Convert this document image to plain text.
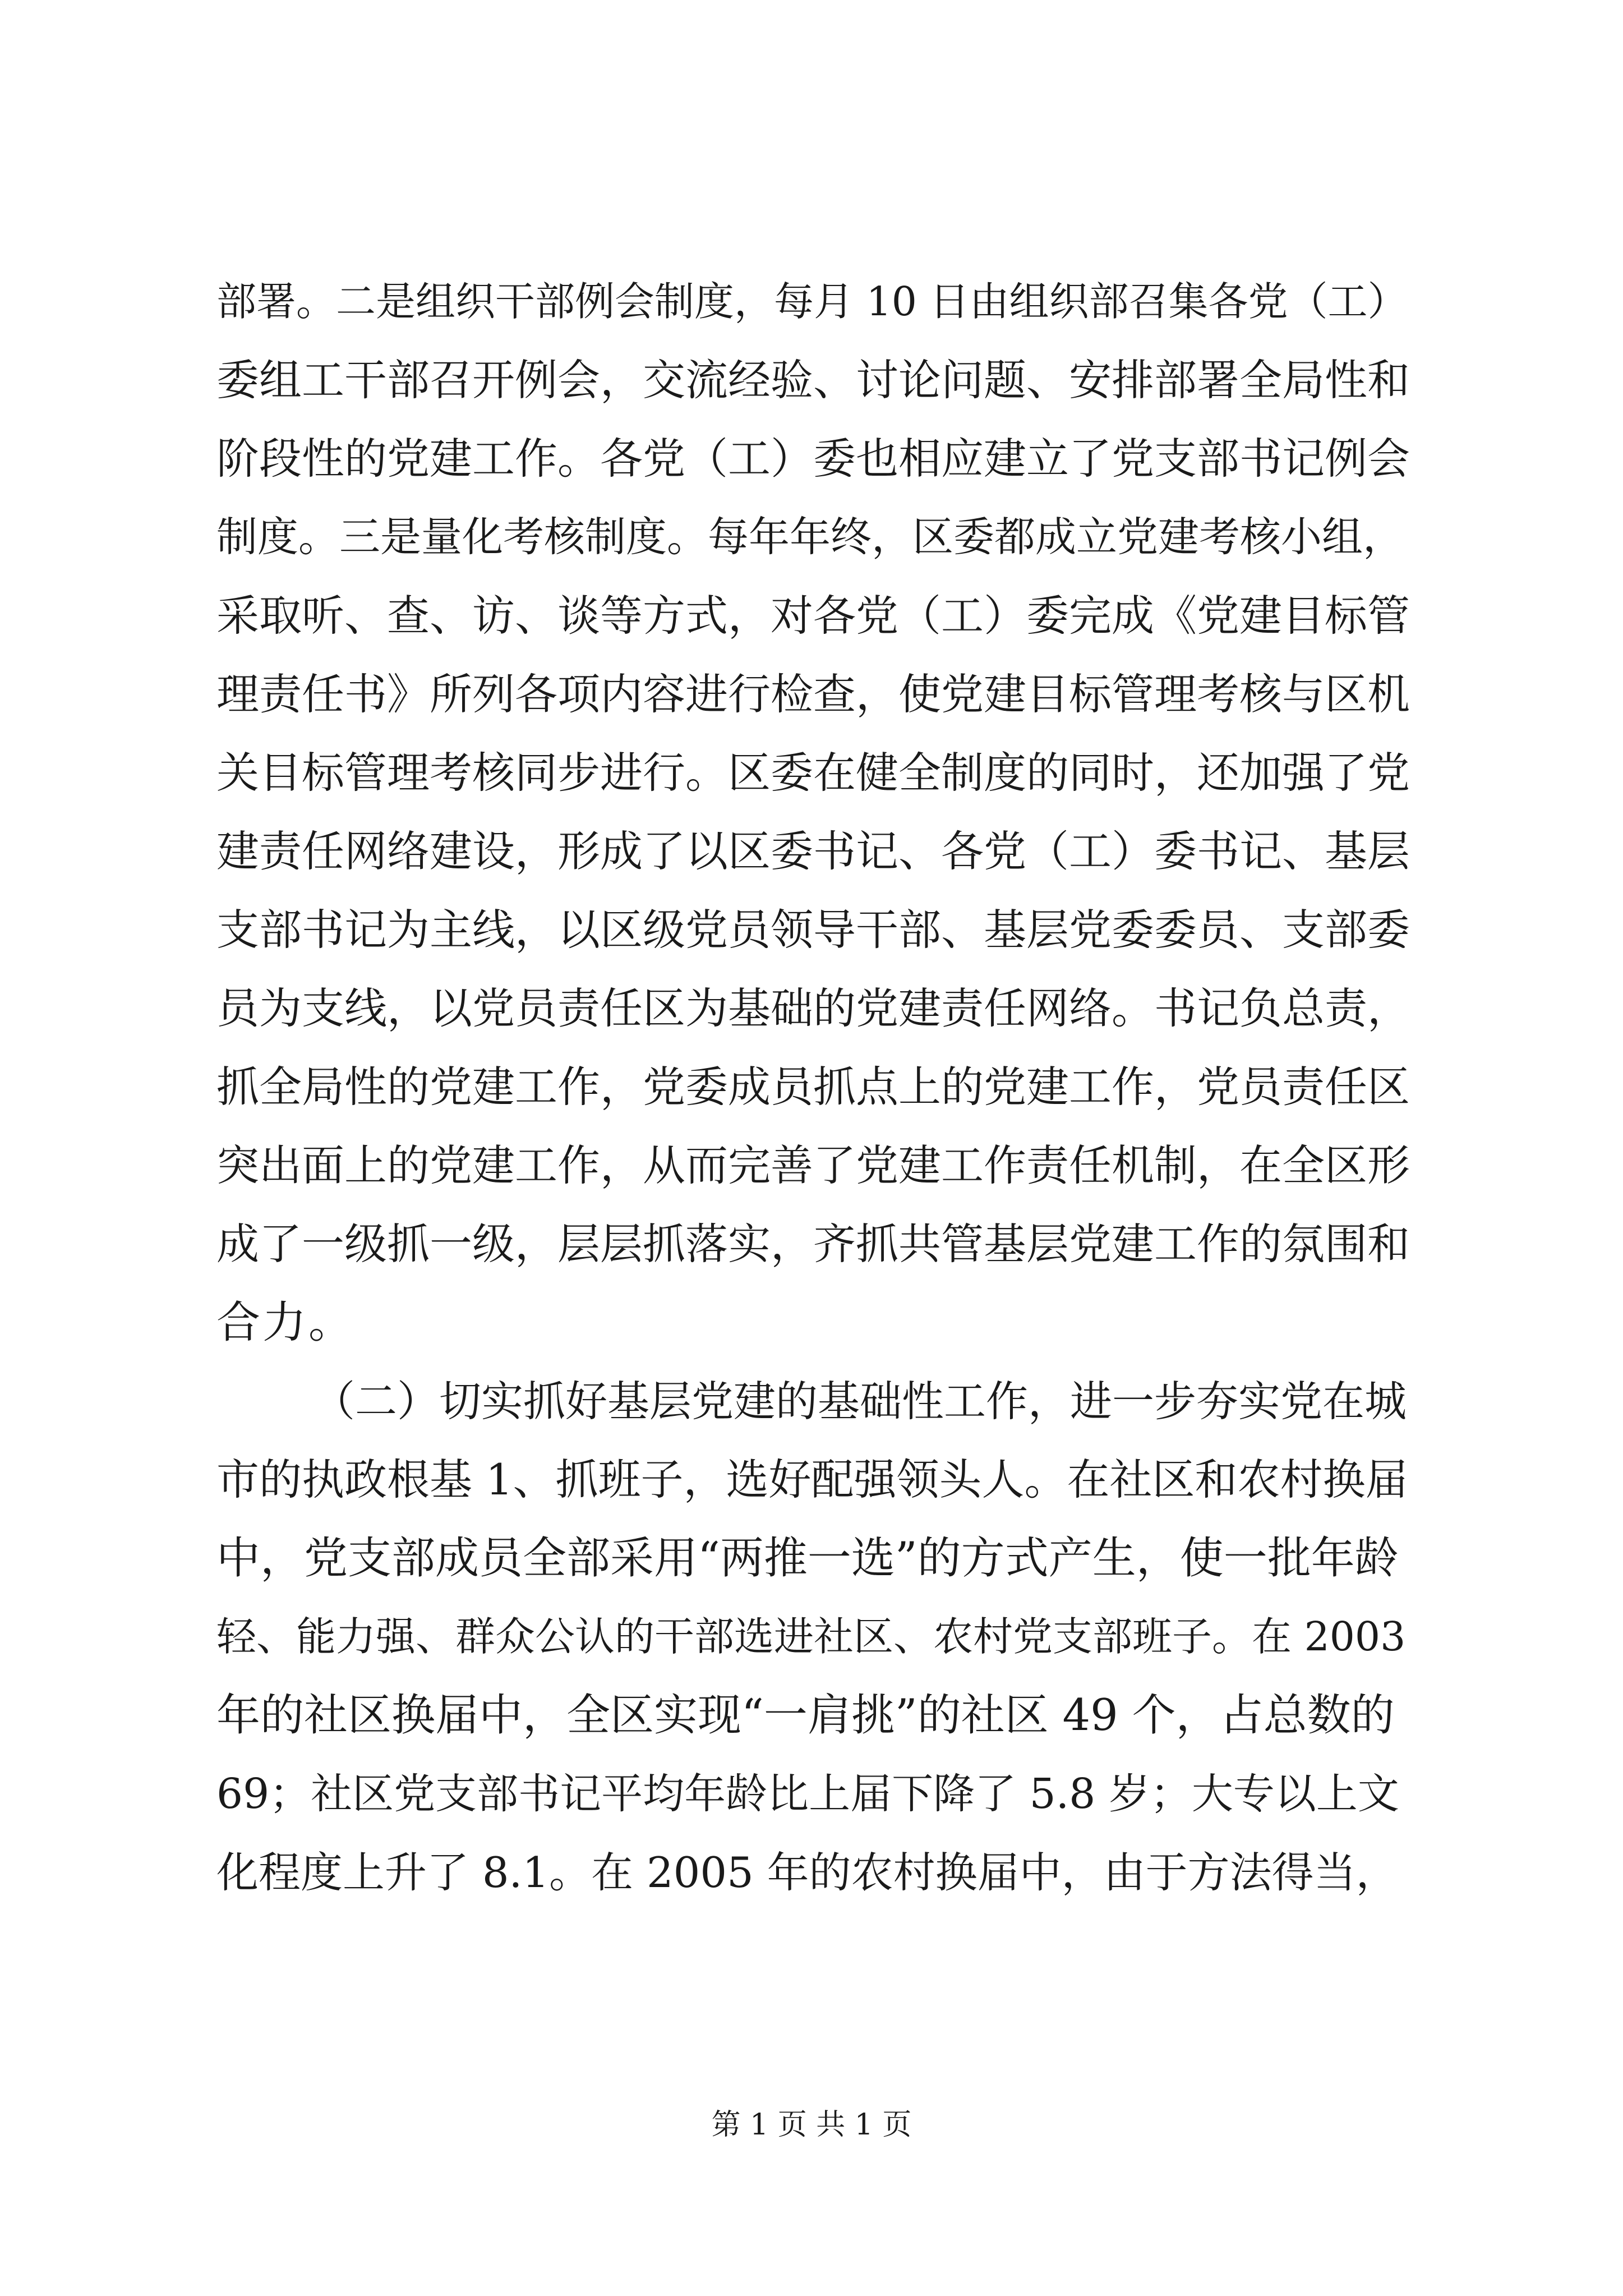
部署。二是组织干部例会制度，每月 10 日由组织部召集各党（工）
委组工干部召开例会，交流经验、讨论问题、安排部署全局性和
阶段性的党建工作。各党（工）委也相应建立了党支部书记例会
制度。三是量化考核制度。每年年终，区委都成立党建考核小组，
采取听、查、访、谈等方式，对各党（工）委完成《党建目标管
理责任书》所列各项内容进行检查，使党建目标管理考核与区机
关目标管理考核同步进行。区委在健全制度的同时，还加强了党
建责任网络建设，形成了以区委书记、各党（工）委书记、基层
支部书记为主线，以区级党员领导干部、基层党委委员、支部委
员为支线，以党员责任区为基础的党建责任网络。书记负总责，
抓全局性的党建工作，党委成员抓点上的党建工作，党员责任区
突出面上的党建工作，从而完善了党建工作责任机制，在全区形
成了一级抓一级，层层抓落实，齐抓共管基层党建工作的氛围和
合力。
（二）切实抓好基层党建的基础性工作，进一步夯实党在城
市的执政根基 1、抓班子，选好配强领头人。在社区和农村换届
中，党支部成员全部采用“两推一选”的方式产生，使一批年龄
轻、能力强、群众公认的干部选进社区、农村党支部班子。在 2003
年的社区换届中，全区实现“一肩挑”的社区 49 个，占总数的
69；社区党支部书记平均年龄比上届下降了 5.8 岁；大专以上文
化程度上升了 8.1。在 2005 年的农村换届中，由于方法得当，
第 1 页 共 1 页
